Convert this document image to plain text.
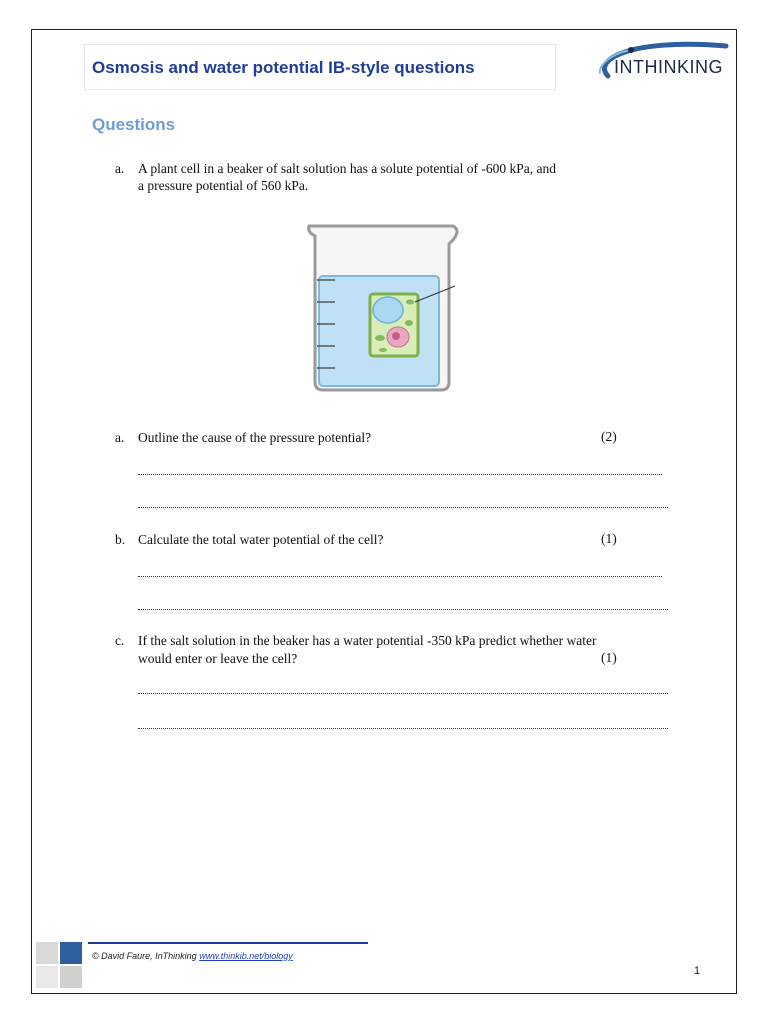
Osmosis and water potential IB-style questions	INTHINKING
Questions
a. A plant cell in a beaker of salt solution has a solute potential of -600 kPa, and
a pressure potential of 560 kPa.
a. Outline the cause of the pressure potential?	(2)
b. Calculate the total water potential of the cell?	(1)
c. If the salt solution in the beaker has a water potential -350 kPa predict whether water
would enter or leave the cell?	(1)
© David Faure, InThinking www.thinkib.net/biology
1
